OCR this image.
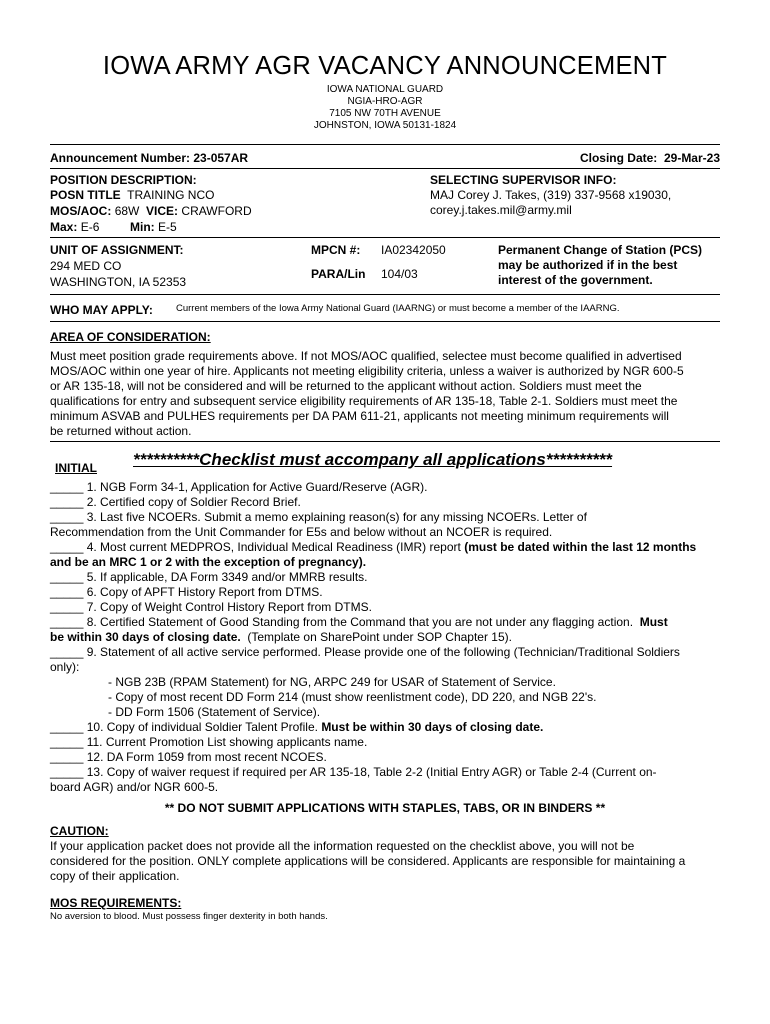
IOWA ARMY AGR VACANCY ANNOUNCEMENT
IOWA NATIONAL GUARD
NGIA-HRO-AGR
7105 NW 70TH AVENUE
JOHNSTON, IOWA 50131-1824
Announcement Number: 23-057AR	Closing Date: 29-Mar-23
POSITION DESCRIPTION:
POSN TITLE TRAINING NCO
MOS/AOC: 68W VICE: CRAWFORD
Max: E-6	Min: E-5
SELECTING SUPERVISOR INFO:
MAJ Corey J. Takes, (319) 337-9568 x19030,
corey.j.takes.mil@army.mil
UNIT OF ASSIGNMENT:
294 MED CO
WASHINGTON, IA 52353
MPCN #: IA02342050
PARA/Lin 104/03
Permanent Change of Station (PCS) may be authorized if in the best interest of the government.
WHO MAY APPLY: Current members of the Iowa Army National Guard (IAARNG) or must become a member of the IAARNG.
AREA OF CONSIDERATION:
Must meet position grade requirements above. If not MOS/AOC qualified, selectee must become qualified in advertised
MOS/AOC within one year of hire. Applicants not meeting eligibility criteria, unless a waiver is authorized by NGR 600-5
or AR 135-18, will not be considered and will be returned to the applicant without action. Soldiers must meet the
qualifications for entry and subsequent service eligibility requirements of AR 135-18, Table 2-1. Soldiers must meet the
minimum ASVAB and PULHES requirements per DA PAM 611-21, applicants not meeting minimum requirements will
be returned without action.
INITIAL **********Checklist must accompany all applications**********
_____ 1. NGB Form 34-1, Application for Active Guard/Reserve (AGR).
_____ 2. Certified copy of Soldier Record Brief.
_____ 3. Last five NCOERs. Submit a memo explaining reason(s) for any missing NCOERs. Letter of
Recommendation from the Unit Commander for E5s and below without an NCOER is required.
_____ 4. Most current MEDPROS, Individual Medical Readiness (IMR) report (must be dated within the last 12 months
and be an MRC 1 or 2 with the exception of pregnancy).
_____ 5. If applicable, DA Form 3349 and/or MMRB results.
_____ 6. Copy of APFT History Report from DTMS.
_____ 7. Copy of Weight Control History Report from DTMS.
_____ 8. Certified Statement of Good Standing from the Command that you are not under any flagging action. Must
be within 30 days of closing date. (Template on SharePoint under SOP Chapter 15).
_____ 9. Statement of all active service performed. Please provide one of the following (Technician/Traditional Soldiers
only):
- NGB 23B (RPAM Statement) for NG, ARPC 249 for USAR of Statement of Service.
- Copy of most recent DD Form 214 (must show reenlistment code), DD 220, and NGB 22's.
- DD Form 1506 (Statement of Service).
_____ 10. Copy of individual Soldier Talent Profile. Must be within 30 days of closing date.
_____ 11. Current Promotion List showing applicants name.
_____ 12. DA Form 1059 from most recent NCOES.
_____ 13. Copy of waiver request if required per AR 135-18, Table 2-2 (Initial Entry AGR) or Table 2-4 (Current on-
board AGR) and/or NGR 600-5.
** DO NOT SUBMIT APPLICATIONS WITH STAPLES, TABS, OR IN BINDERS **
CAUTION:
If your application packet does not provide all the information requested on the checklist above, you will not be
considered for the position. ONLY complete applications will be considered. Applicants are responsible for maintaining a
copy of their application.
MOS REQUIREMENTS:
No aversion to blood. Must possess finger dexterity in both hands.
